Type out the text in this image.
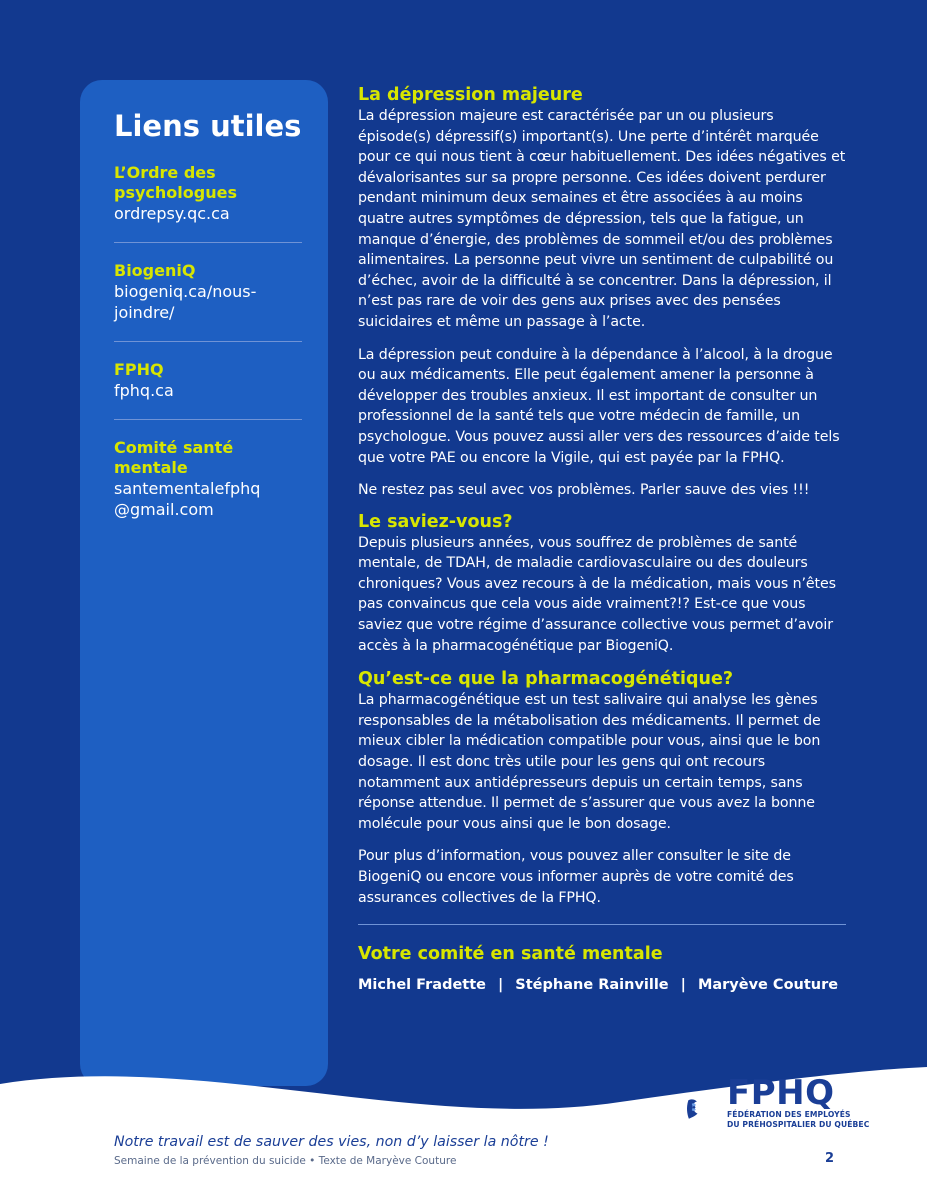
Liens utiles
L’Ordre des
psychologues
ordrepsy.qc.ca
BiogeniQ
biogeniq.ca/nous-
joindre/
FPHQ
fphq.ca
Comité santé mentale
santementalefphq
@gmail.com
La dépression majeure

La dépression majeure est caractérisée par un ou plusieurs épisode(s) dépressif(s) important(s). Une perte d’intérêt marquée pour ce qui nous tient à cœur habituellement. Des idées négatives et dévalorisantes sur sa propre personne. Ces idées doivent perdurer pendant minimum deux semaines et être associées à au moins quatre autres symptômes de dépression, tels que la fatigue, un manque d’énergie, des problèmes de sommeil et/ou des problèmes alimentaires. La personne peut vivre un sentiment de culpabilité ou d’échec, avoir de la difficulté à se concentrer. Dans la dépression, il n’est pas rare de voir des gens aux prises avec des pensées suicidaires et même un passage à l’acte.

La dépression peut conduire à la dépendance à l’alcool, à la drogue ou aux médicaments. Elle peut également amener la personne à développer des troubles anxieux. Il est important de consulter un professionnel de la santé tels que votre médecin de famille, un psychologue. Vous pouvez aussi aller vers des ressources d’aide tels que votre PAE ou encore la Vigile, qui est payée par la FPHQ.

Ne restez pas seul avec vos problèmes. Parler sauve des vies !!!

Le saviez-vous?

Depuis plusieurs années, vous souffrez de problèmes de santé mentale, de TDAH, de maladie cardiovasculaire ou des douleurs chroniques? Vous avez recours à de la médication, mais vous n’êtes pas convaincus que cela vous aide vraiment?!? Est-ce que vous saviez que votre régime d’assurance collective vous permet d’avoir accès à la pharmacogénétique par BiogeniQ.

Qu’est-ce que la pharmacogénétique?

La pharmacogénétique est un test salivaire qui analyse les gènes responsables de la métabolisation des médicaments. Il permet de mieux cibler la médication compatible pour vous, ainsi que le bon dosage. Il est donc très utile pour les gens qui ont recours notamment aux antidépresseurs depuis un certain temps, sans réponse attendue. Il permet de s’assurer que vous avez la bonne molécule pour vous ainsi que le bon dosage.

Pour plus d’information, vous pouvez aller consulter le site de BiogeniQ ou encore vous informer auprès de votre comité des assurances collectives de la FPHQ.

Votre comité en santé mentale
Michel Fradette | Stéphane Rainville | Maryève Couture
FPHQ
FÉDÉRATION DES EMPLOYÉS
DU PRÉHOSPITALIER DU QUÉBEC
Notre travail est de sauver des vies, non d’y laisser la nôtre !
Semaine de la prévention du suicide • Texte de Maryève Couture	2
